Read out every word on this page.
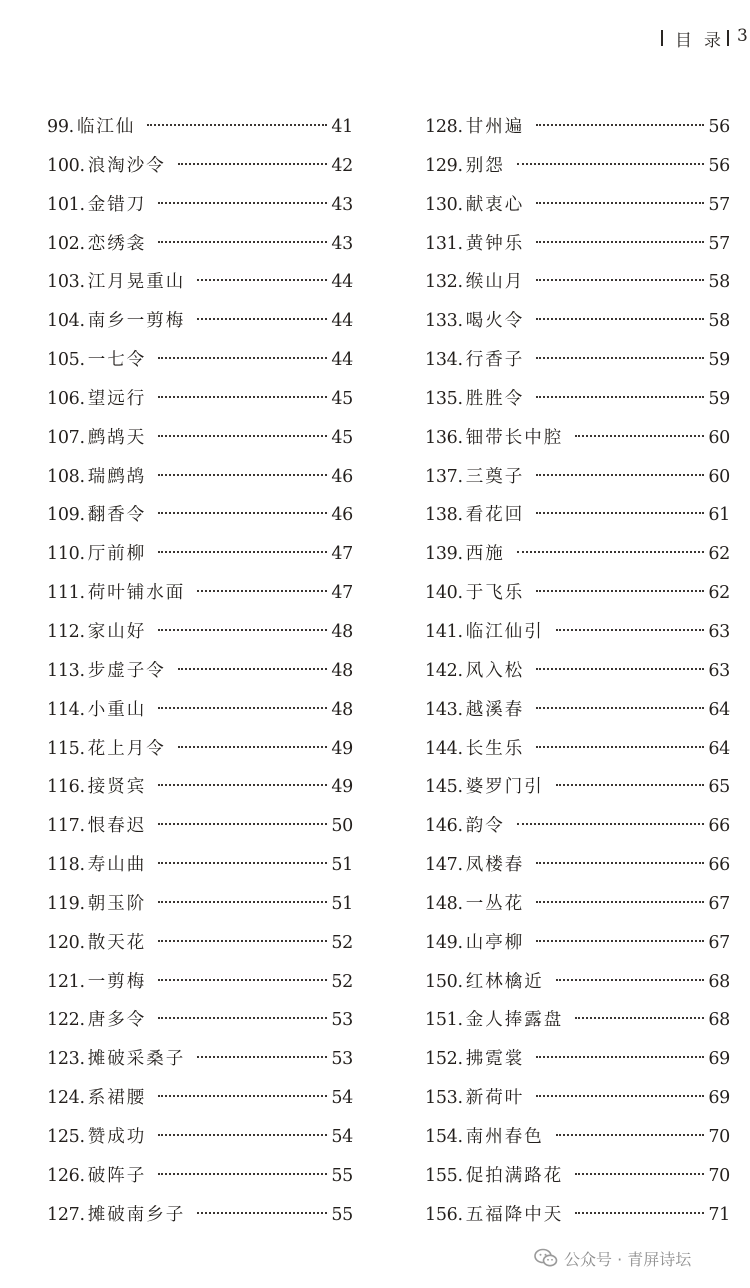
目 录 3
99. 临江仙	41
100. 浪淘沙令	42
101. 金错刀	43
102. 恋绣衾	43
103. 江月晃重山	44
104. 南乡一剪梅	44
105. 一七令	44
106. 望远行	45
107. 鹧鸪天	45
108. 瑞鹧鸪	46
109. 翻香令	46
110. 厅前柳	47
111. 荷叶铺水面	47
112. 家山好	48
113. 步虚子令	48
114. 小重山	48
115. 花上月令	49
116. 接贤宾	49
117. 恨春迟	50
118. 寿山曲	51
119. 朝玉阶	51
120. 散天花	52
121. 一剪梅	52
122. 唐多令	53
123. 摊破采桑子	53
124. 系裙腰	54
125. 赞成功	54
126. 破阵子	55
127. 摊破南乡子	55
128. 甘州遍	56
129. 别怨	56
130. 献衷心	57
131. 黄钟乐	57
132. 缑山月	58
133. 喝火令	58
134. 行香子	59
135. 胜胜令	59
136. 钿带长中腔	60
137. 三奠子	60
138. 看花回	61
139. 西施	62
140. 于飞乐	62
141. 临江仙引	63
142. 风入松	63
143. 越溪春	64
144. 长生乐	64
145. 婆罗门引	65
146. 韵令	66
147. 凤楼春	66
148. 一丛花	67
149. 山亭柳	67
150. 红林檎近	68
151. 金人捧露盘	68
152. 拂霓裳	69
153. 新荷叶	69
154. 南州春色	70
155. 促拍满路花	70
156. 五福降中天	71
公众号 · 青屏诗坛
